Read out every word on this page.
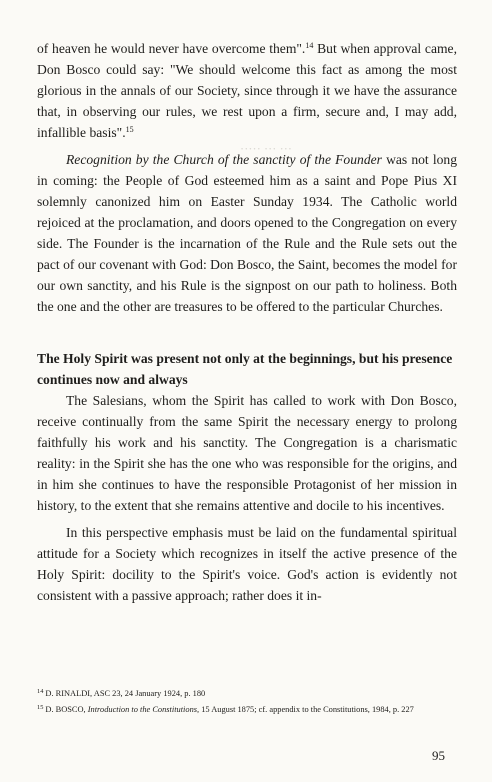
··· ··· ·····

of heaven he would never have overcome them".$^{14}$ But when approval came, Don Bosco could say: "We should welcome this fact as among the most glorious in the annals of our Society, since through it we have the assurance that, in observing our rules, we rest upon a firm, secure and, I may add, infallible basis".$^{15}$

Recognition by the Church of the sanctity of the Founder was not long in coming: the People of God esteemed him as a saint and Pope Pius XI solemnly canonized him on Easter Sunday 1934. The Catholic world rejoiced at the proclamation, and doors opened to the Congregation on every side. The Founder is the incarnation of the Rule and the Rule sets out the pact of our covenant with God: Don Bosco, the Saint, becomes the model for our own sanctity, and his Rule is the signpost on our path to holiness. Both the one and the other are treasures to be offered to the particular Churches.

The Holy Spirit was present not only at the beginnings, but his presence continues now and always

The Salesians, whom the Spirit has called to work with Don Bosco, receive continually from the same Spirit the necessary energy to prolong faithfully his work and his sanctity. The Congregation is a charismatic reality: in the Spirit she has the one who was responsible for the origins, and in him she continues to have the responsible Protagonist of her mission in history, to the extent that she remains attentive and docile to his incentives.

In this perspective emphasis must be laid on the fundamental spiritual attitude for a Society which recognizes in itself the active presence of the Holy Spirit: docility to the Spirit's voice. God's action is evidently not consistent with a passive approach; rather does it in-

$^{14}$ D. RINALDI, ASC 23, 24 January 1924, p. 180

$^{15}$ D. BOSCO, Introduction to the Constitutions, 15 August 1875; cf. appendix to the Constitutions, 1984, p. 227

95
